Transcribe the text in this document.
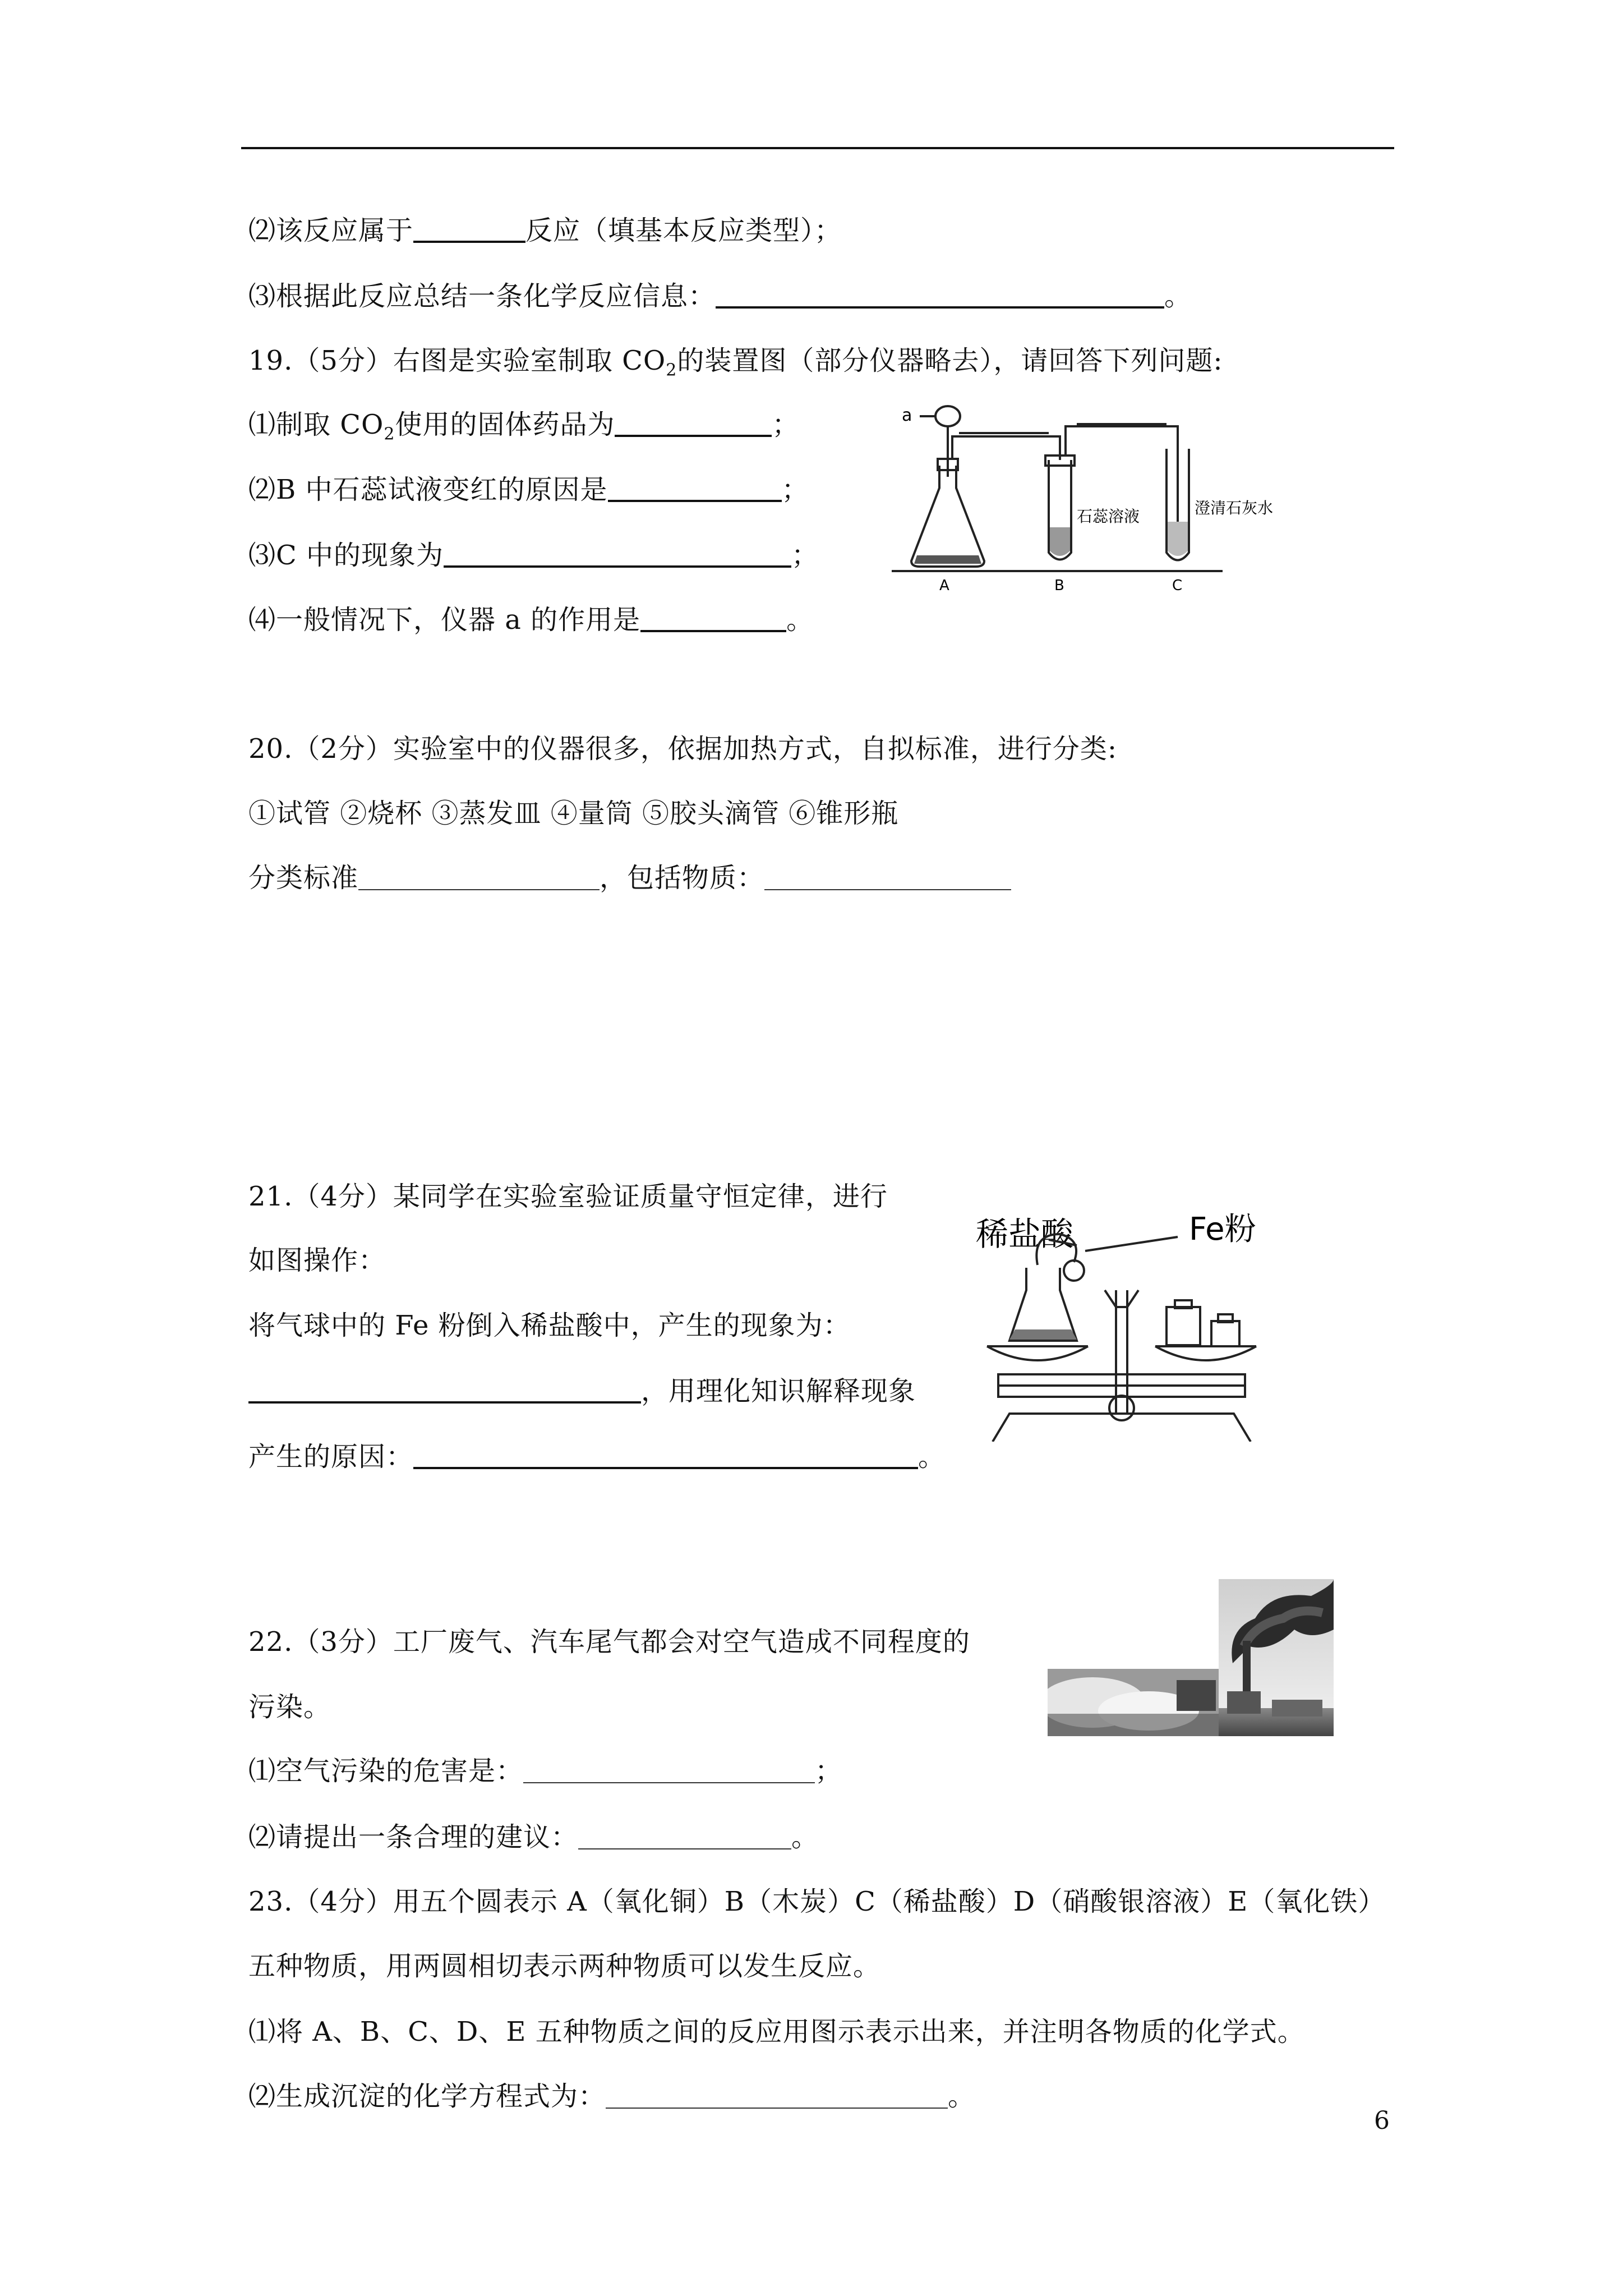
⑵该反应属于	反应（填基本反应类型）；
⑶根据此反应总结一条化学反应信息：	。
19.（5分）右图是实验室制取 $CO_2$的装置图（部分仪器略去），请回答下列问题:
⑴制取 $CO_2$使用的固体药品为	；
⑵B 中石蕊试液变红的原因是	；
⑶C 中的现象为	；
⑷一般情况下，仪器 a 的作用是	。
a
石蕊溶液	澄清石灰水
A	B	C
20.（2分）实验室中的仪器很多，依据加热方式，自拟标准，进行分类:
①试管 ②烧杯 ③蒸发皿 ④量筒 ⑤胶头滴管 ⑥锥形瓶
分类标准	，包括物质：
21.（4分）某同学在实验室验证质量守恒定律，进行
如图操作：
将气球中的 Fe 粉倒入稀盐酸中，产生的现象为：
，用理化知识解释现象
产生的原因：	。
稀盐酸	Fe粉
22.（3分）工厂废气、汽车尾气都会对空气造成不同程度的
污染。
⑴空气污染的危害是：	；
⑵请提出一条合理的建议：	。
23.（4分）用五个圆表示 A（氧化铜）B（木炭）C（稀盐酸）D（硝酸银溶液）E（氧化铁）
五种物质，用两圆相切表示两种物质可以发生反应。
⑴将 A、B、C、D、E 五种物质之间的反应用图示表示出来，并注明各物质的化学式。
⑵生成沉淀的化学方程式为：	。
6
